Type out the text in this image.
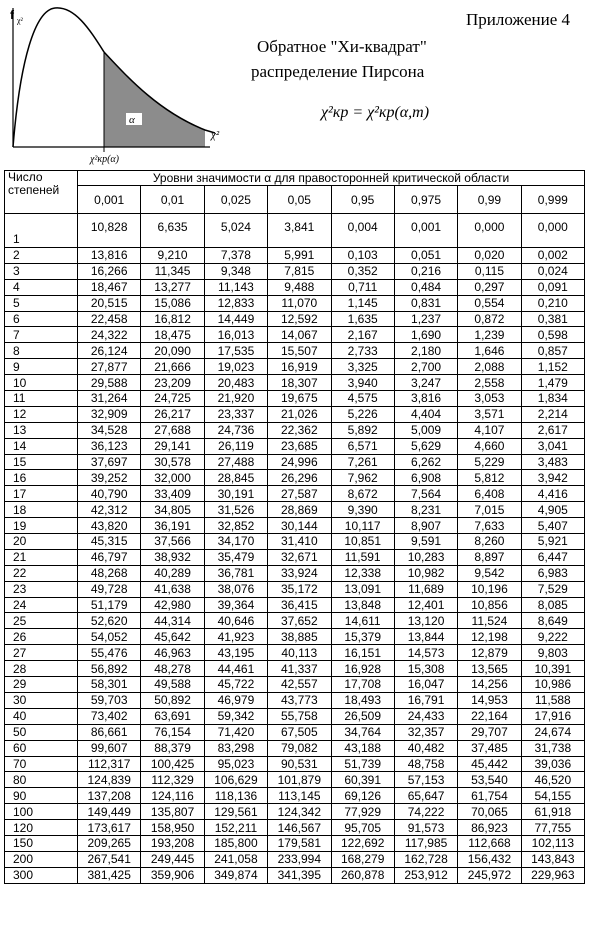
α
f χ²
χ²
χ²кр(α)
Приложение 4
Обратное "Хи-квадрат"
распределение Пирсона
χ²кр = χ²кр(α,m)
Число
степеней	Уровни значимости α для правосторонней критической области							
	0,001	0,01	0,025	0,05	0,95	0,975	0,99	0,999
1	10,828	6,635	5,024	3,841	0,004	0,001	0,000	0,000
2	13,816	9,210	7,378	5,991	0,103	0,051	0,020	0,002
3	16,266	11,345	9,348	7,815	0,352	0,216	0,115	0,024
4	18,467	13,277	11,143	9,488	0,711	0,484	0,297	0,091
5	20,515	15,086	12,833	11,070	1,145	0,831	0,554	0,210
6	22,458	16,812	14,449	12,592	1,635	1,237	0,872	0,381
7	24,322	18,475	16,013	14,067	2,167	1,690	1,239	0,598
8	26,124	20,090	17,535	15,507	2,733	2,180	1,646	0,857
9	27,877	21,666	19,023	16,919	3,325	2,700	2,088	1,152
10	29,588	23,209	20,483	18,307	3,940	3,247	2,558	1,479
11	31,264	24,725	21,920	19,675	4,575	3,816	3,053	1,834
12	32,909	26,217	23,337	21,026	5,226	4,404	3,571	2,214
13	34,528	27,688	24,736	22,362	5,892	5,009	4,107	2,617
14	36,123	29,141	26,119	23,685	6,571	5,629	4,660	3,041
15	37,697	30,578	27,488	24,996	7,261	6,262	5,229	3,483
16	39,252	32,000	28,845	26,296	7,962	6,908	5,812	3,942
17	40,790	33,409	30,191	27,587	8,672	7,564	6,408	4,416
18	42,312	34,805	31,526	28,869	9,390	8,231	7,015	4,905
19	43,820	36,191	32,852	30,144	10,117	8,907	7,633	5,407
20	45,315	37,566	34,170	31,410	10,851	9,591	8,260	5,921
21	46,797	38,932	35,479	32,671	11,591	10,283	8,897	6,447
22	48,268	40,289	36,781	33,924	12,338	10,982	9,542	6,983
23	49,728	41,638	38,076	35,172	13,091	11,689	10,196	7,529
24	51,179	42,980	39,364	36,415	13,848	12,401	10,856	8,085
25	52,620	44,314	40,646	37,652	14,611	13,120	11,524	8,649
26	54,052	45,642	41,923	38,885	15,379	13,844	12,198	9,222
27	55,476	46,963	43,195	40,113	16,151	14,573	12,879	9,803
28	56,892	48,278	44,461	41,337	16,928	15,308	13,565	10,391
29	58,301	49,588	45,722	42,557	17,708	16,047	14,256	10,986
30	59,703	50,892	46,979	43,773	18,493	16,791	14,953	11,588
40	73,402	63,691	59,342	55,758	26,509	24,433	22,164	17,916
50	86,661	76,154	71,420	67,505	34,764	32,357	29,707	24,674
60	99,607	88,379	83,298	79,082	43,188	40,482	37,485	31,738
70	112,317	100,425	95,023	90,531	51,739	48,758	45,442	39,036
80	124,839	112,329	106,629	101,879	60,391	57,153	53,540	46,520
90	137,208	124,116	118,136	113,145	69,126	65,647	61,754	54,155
100	149,449	135,807	129,561	124,342	77,929	74,222	70,065	61,918
120	173,617	158,950	152,211	146,567	95,705	91,573	86,923	77,755
150	209,265	193,208	185,800	179,581	122,692	117,985	112,668	102,113
200	267,541	249,445	241,058	233,994	168,279	162,728	156,432	143,843
300	381,425	359,906	349,874	341,395	260,878	253,912	245,972	229,963
